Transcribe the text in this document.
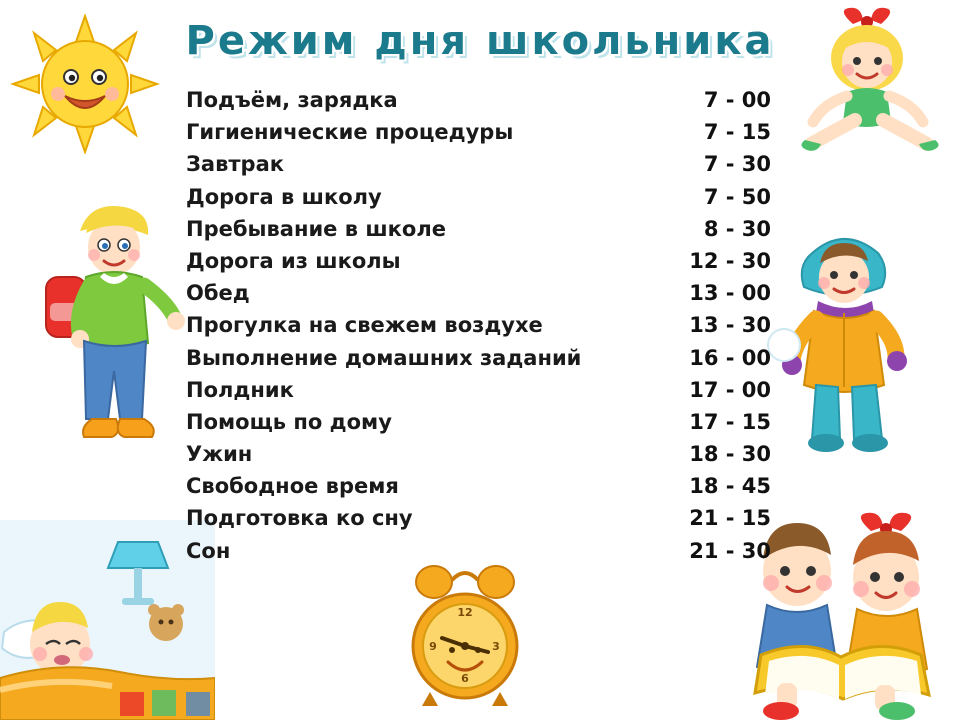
Режим дня школьника
12
3
6
9
Подъём, зарядка	7 - 00
Гигиенические процедуры	7 - 15
Завтрак	7 - 30
Дорога в школу	7 - 50
Пребывание в школе	8 - 30
Дорога из школы	12 - 30
Обед	13 - 00
Прогулка на свежем воздухе	13 - 30
Выполнение домашних заданий	16 - 00
Полдник	17 - 00
Помощь по дому	17 - 15
Ужин	18 - 30
Свободное время	18 - 45
Подготовка ко сну	21 - 15
Сон	21 - 30
